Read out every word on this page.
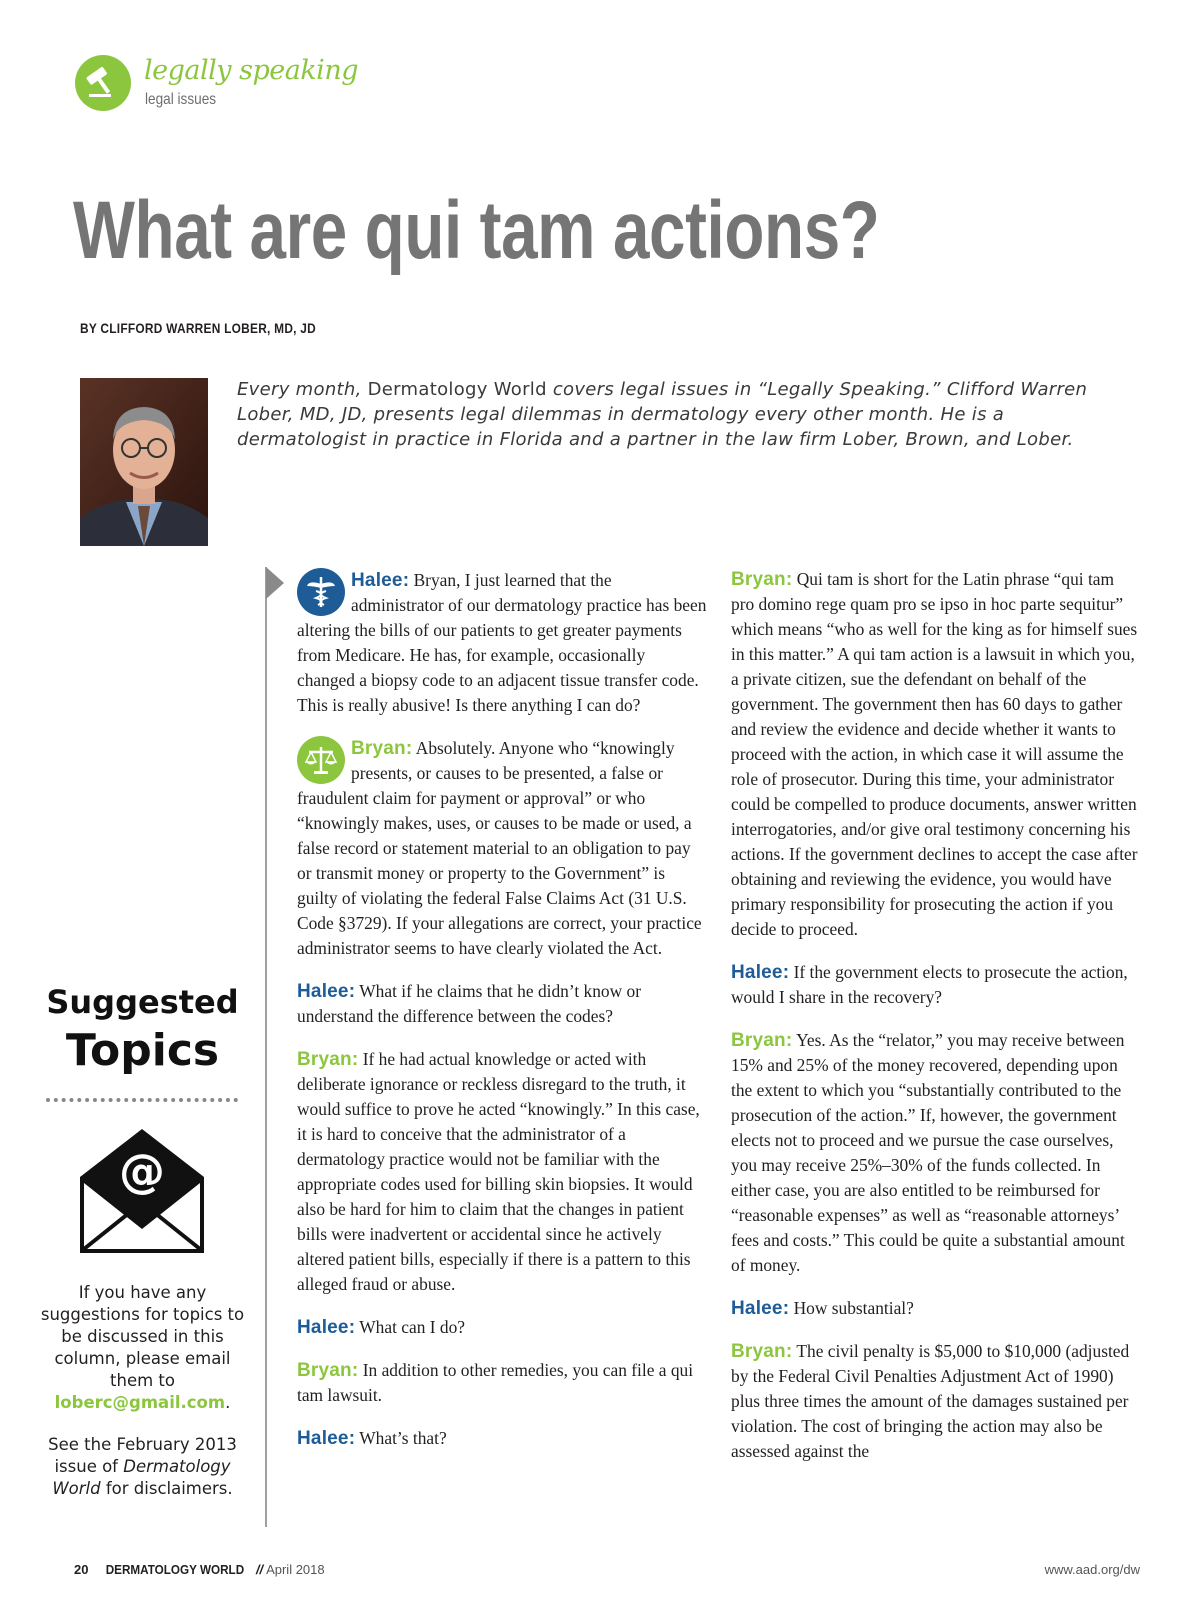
legally speaking
legal issues
What are qui tam actions?
BY CLIFFORD WARREN LOBER, MD, JD
Every month, Dermatology World covers legal issues in “Legally Speaking.” Clifford Warren Lober, MD, JD, presents legal dilemmas in dermatology every other month. He is a dermatologist in practice in Florida and a partner in the law firm Lober, Brown, and Lober.
Suggested
Topics
@
If you have any suggestions for topics to be discussed in this column, please email them to loberc@gmail.com.
See the February 2013 issue of Dermatology World for disclaimers.

Halee: Bryan, I just learned that the administrator of our dermatology practice has been altering the bills of our patients to get greater payments from Medicare. He has, for example, occasionally changed a biopsy code to an adjacent tissue transfer code. This is really abusive! Is there anything I can do?

Bryan: Absolutely. Anyone who “knowingly presents, or causes to be presented, a false or fraudulent claim for payment or approval” or who “knowingly makes, uses, or causes to be made or used, a false record or statement material to an obligation to pay or transmit money or property to the Government” is guilty of violating the federal False Claims Act (31 U.S. Code §3729). If your allegations are correct, your practice administrator seems to have clearly violated the Act.

Halee: What if he claims that he didn’t know or understand the difference between the codes?

Bryan: If he had actual knowledge or acted with deliberate ignorance or reckless disregard to the truth, it would suffice to prove he acted “knowingly.” In this case, it is hard to conceive that the administrator of a dermatology practice would not be familiar with the appropriate codes used for billing skin biopsies. It would also be hard for him to claim that the changes in patient bills were inadvertent or accidental since he actively altered patient bills, especially if there is a pattern to this alleged fraud or abuse.

Halee: What can I do?

Bryan: In addition to other remedies, you can file a qui tam lawsuit.

Halee: What’s that?

Bryan: Qui tam is short for the Latin phrase “qui tam pro domino rege quam pro se ipso in hoc parte sequitur” which means “who as well for the king as for himself sues in this matter.” A qui tam action is a lawsuit in which you, a private citizen, sue the defendant on behalf of the government. The government then has 60 days to gather and review the evidence and decide whether it wants to proceed with the action, in which case it will assume the role of prosecutor. During this time, your administrator could be compelled to produce documents, answer written interrogatories, and/or give oral testimony concerning his actions. If the government declines to accept the case after obtaining and reviewing the evidence, you would have primary responsibility for prosecuting the action if you decide to proceed.

Halee: If the government elects to prosecute the action, would I share in the recovery?

Bryan: Yes. As the “relator,” you may receive between 15% and 25% of the money recovered, depending upon the extent to which you “substantially contributed to the prosecution of the action.” If, however, the government elects not to proceed and we pursue the case ourselves, you may receive 25%–30% of the funds collected. In either case, you are also entitled to be reimbursed for “reasonable expenses” as well as “reasonable attorneys’ fees and costs.” This could be quite a substantial amount of money.

Halee: How substantial?

Bryan: The civil penalty is $5,000 to $10,000 (adjusted by the Federal Civil Penalties Adjustment Act of 1990) plus three times the amount of the damages sustained per violation. The cost of bringing the action may also be assessed against the

20 DERMATOLOGY WORLD // April 2018	www.aad.org/dw
